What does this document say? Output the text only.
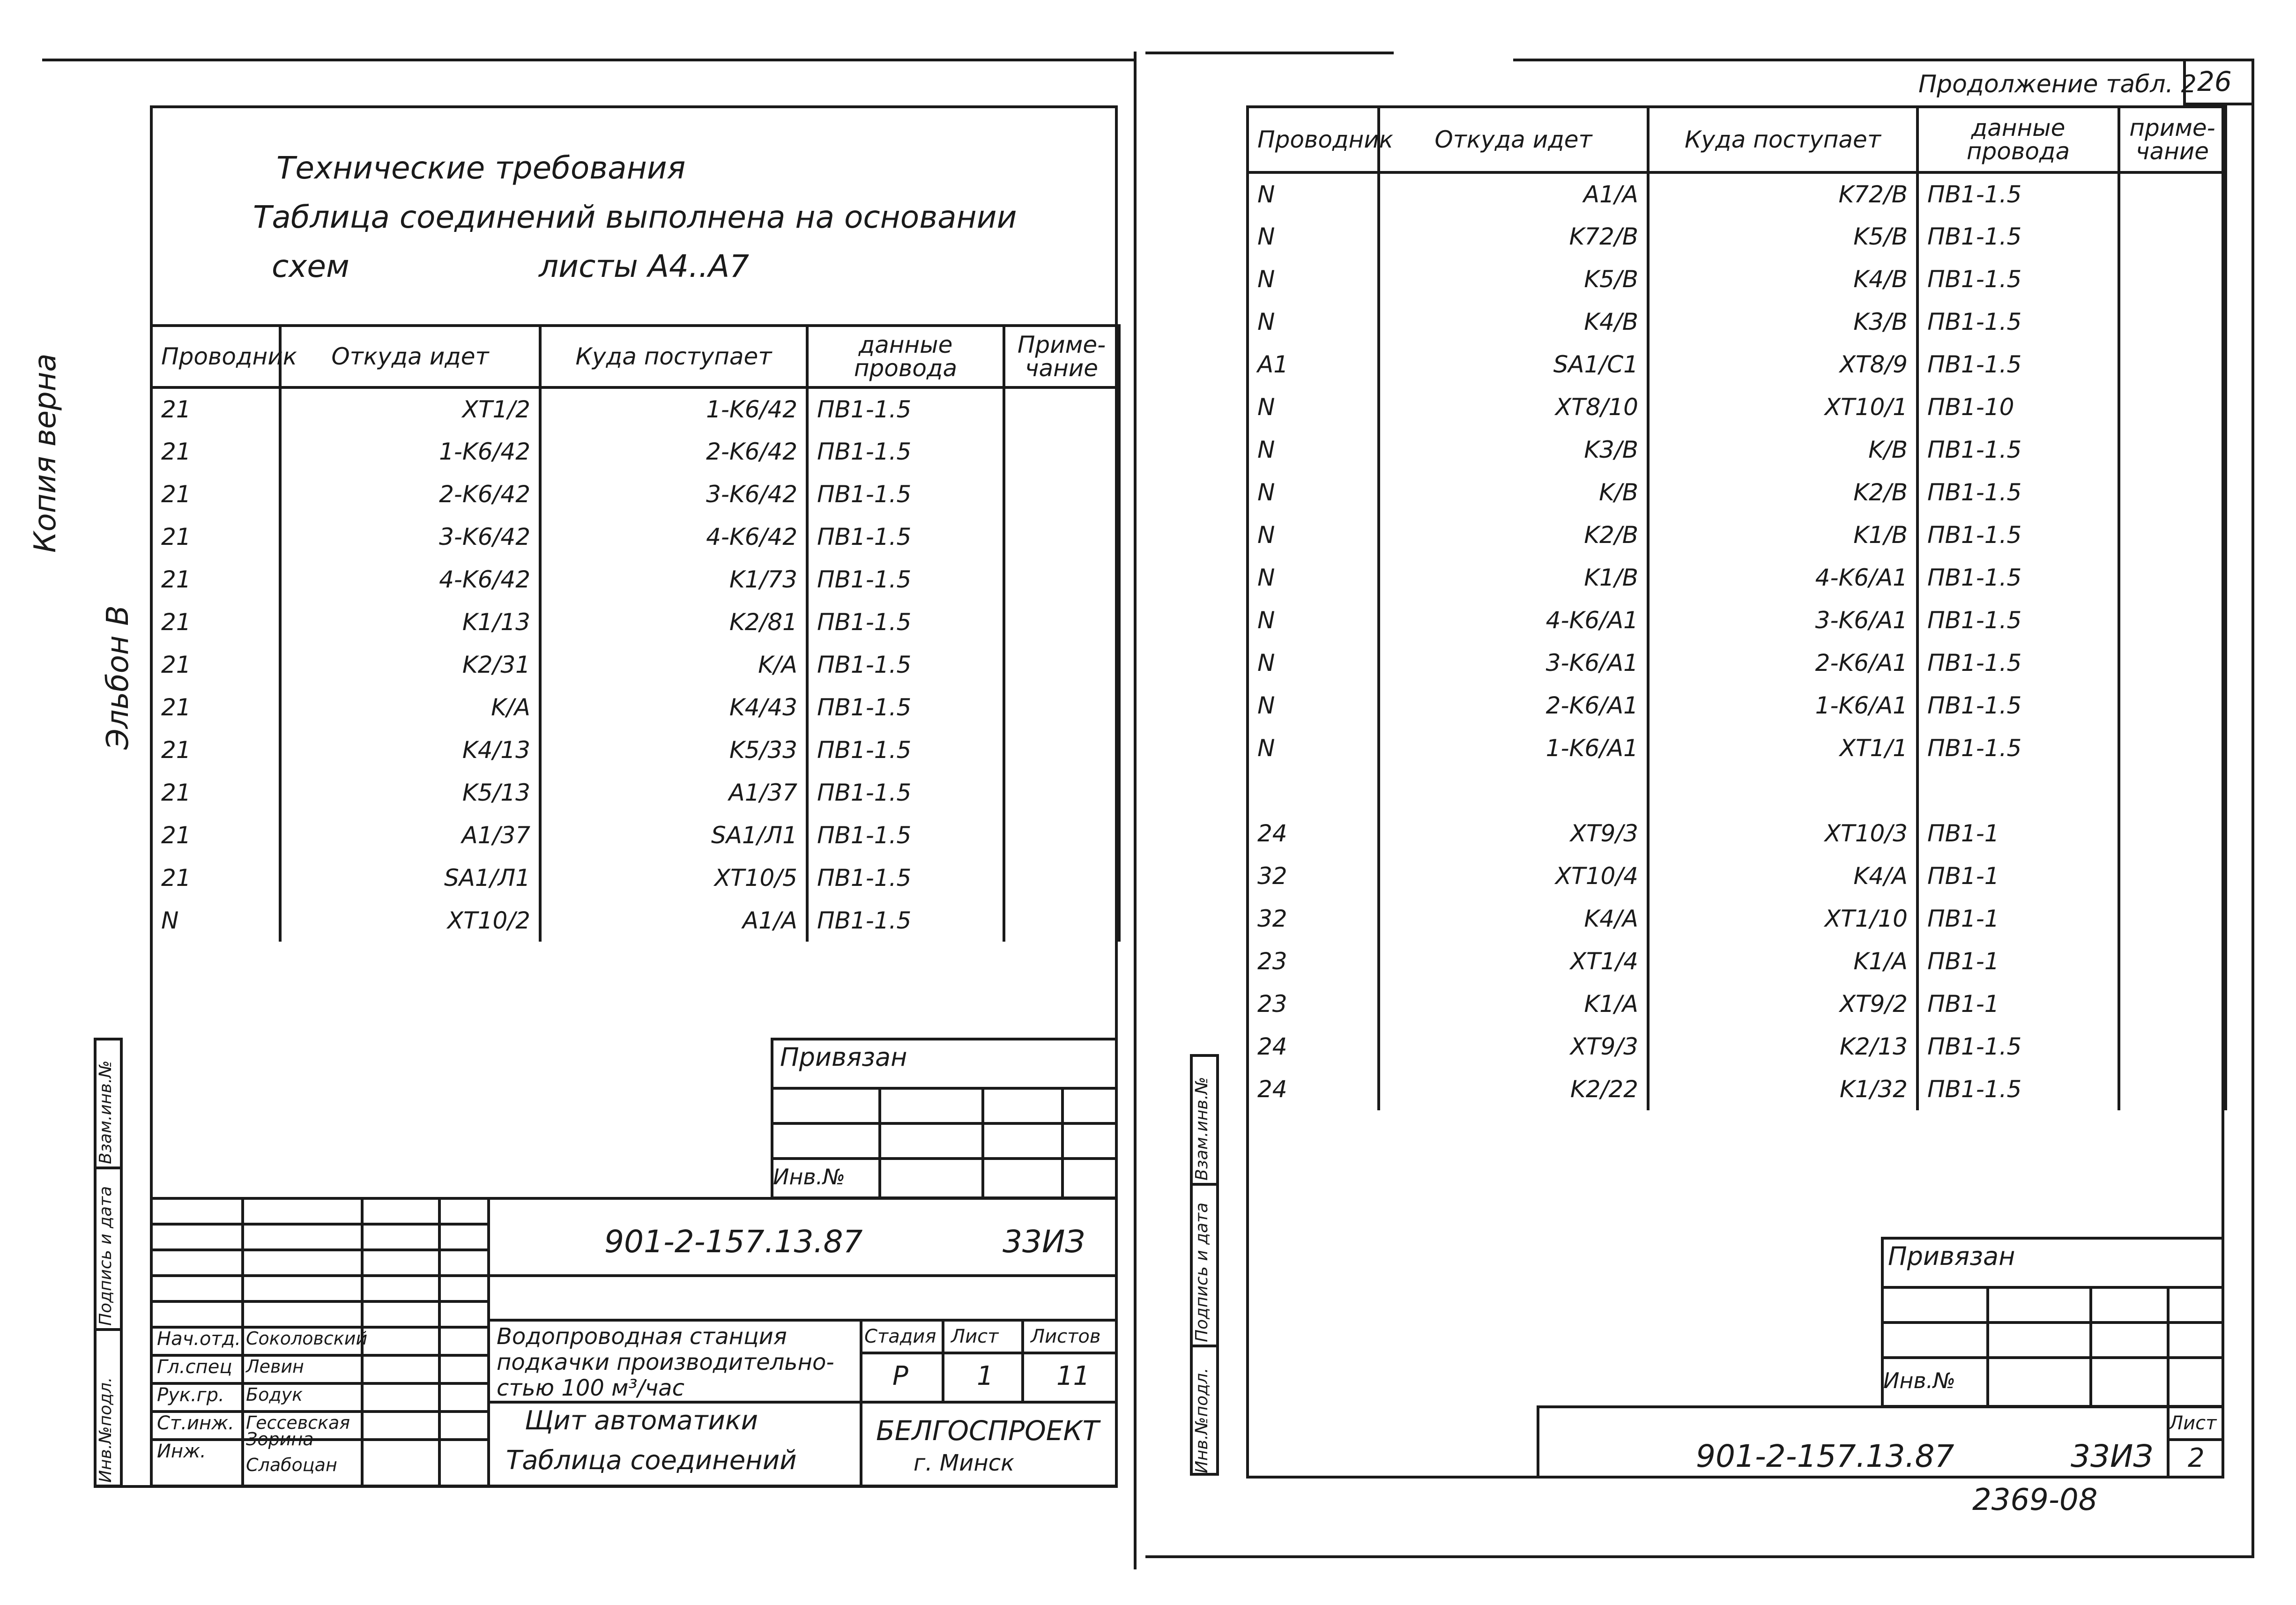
Технические требования
Таблица соединений выполнена на основании
схем	листы А4..А7
Копия верна
Эльбон В
Проводник	Откуда идет	Куда поступает	данные провода	Приме- чание
21	XT1/2	1-K6/42	ПВ1-1.5	
21	1-K6/42	2-K6/42	ПВ1-1.5	
21	2-K6/42	3-K6/42	ПВ1-1.5	
21	3-K6/42	4-K6/42	ПВ1-1.5	
21	4-K6/42	K1/73	ПВ1-1.5	
21	K1/13	K2/81	ПВ1-1.5	
21	K2/31	K/A	ПВ1-1.5	
21	K/A	K4/43	ПВ1-1.5	
21	K4/13	K5/33	ПВ1-1.5	
21	K5/13	A1/37	ПВ1-1.5	
21	A1/37	SA1/Л1	ПВ1-1.5	
21	SA1/Л1	XT10/5	ПВ1-1.5	
N	XT10/2	A1/A	ПВ1-1.5	
Взам.инв.№
Подпись и дата
Инв.№подл.
Привязан
Инв.№
Нач.отд.
Гл.спец
Рук.гр.
Ст.инж.
Инж.
Соколовский
Левин
Бодук
Гессевская
Зорина
Слабоцан
901-2-157.13.87	33ИЗ
Водопроводная станция
подкачки производительно-
стью 100 м³/час
Щит автоматики
Таблица соединений
Стадия Лист Листов
Р	1 11
БЕЛГОСПРОЕКТ
г. Минск
Продолжение табл. 2 26
Взам.инв.№
Подпись и дата
Инв.№подл.
Проводник	Откуда идет	Куда поступает	данные провода	приме- чание
N	A1/A	K72/B	ПВ1-1.5	
N	K72/B	K5/B	ПВ1-1.5	
N	K5/B	K4/B	ПВ1-1.5	
N	K4/B	K3/B	ПВ1-1.5	
A1	SA1/C1	XT8/9	ПВ1-1.5	
N	XT8/10	XT10/1	ПВ1-10	
N	K3/B	K/B	ПВ1-1.5	
N	K/B	K2/B	ПВ1-1.5	
N	K2/B	K1/B	ПВ1-1.5	
N	K1/B	4-K6/A1	ПВ1-1.5	
N	4-K6/A1	3-K6/A1	ПВ1-1.5	
N	3-K6/A1	2-K6/A1	ПВ1-1.5	
N	2-K6/A1	1-K6/A1	ПВ1-1.5	
N	1-K6/A1	XT1/1	ПВ1-1.5	

24	XT9/3	XT10/3	ПВ1-1	
32	XT10/4	K4/A	ПВ1-1	
32	K4/A	XT1/10	ПВ1-1	
23	XT1/4	K1/A	ПВ1-1	
23	K1/A	XT9/2	ПВ1-1	
24	XT9/3	K2/13	ПВ1-1.5	
24	K2/22	K1/32	ПВ1-1.5	
Привязан
Инв.№
Лист
2
901-2-157.13.87	33ИЗ
2369-08
